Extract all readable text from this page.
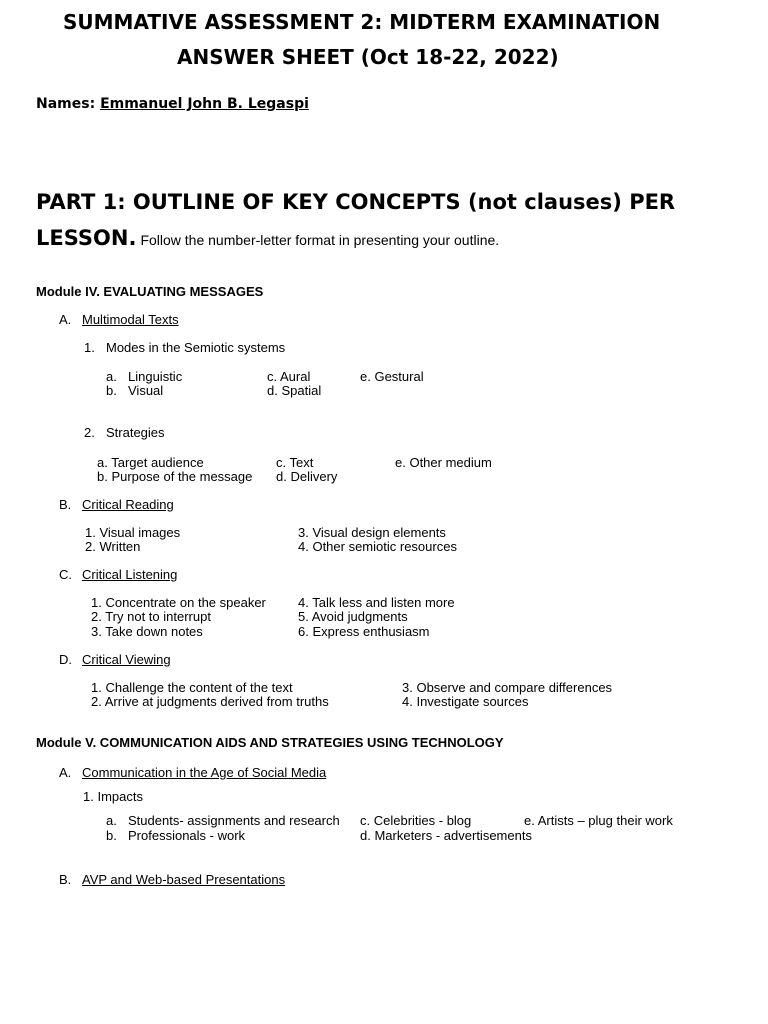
SUMMATIVE ASSESSMENT 2: MIDTERM EXAMINATION
ANSWER SHEET (Oct 18-22, 2022)
Names: Emmanuel John B. Legaspi
PART 1: OUTLINE OF KEY CONCEPTS (not clauses) PER
LESSON. Follow the number-letter format in presenting your outline.
Module IV. EVALUATING MESSAGES
A. Multimodal Texts
1. Modes in the Semiotic systems
a. Linguistic
b. Visual
c. Aural
d. Spatial
e. Gestural
2. Strategies
a. Target audience
b. Purpose of the message
c. Text
d. Delivery
e. Other medium
B. Critical Reading
1. Visual images
2. Written
3. Visual design elements
4. Other semiotic resources
C. Critical Listening
1. Concentrate on the speaker
2. Try not to interrupt
3. Take down notes
4. Talk less and listen more
5. Avoid judgments
6. Express enthusiasm
D. Critical Viewing
1. Challenge the content of the text
2. Arrive at judgments derived from truths
3. Observe and compare differences
4. Investigate sources
Module V. COMMUNICATION AIDS AND STRATEGIES USING TECHNOLOGY
A. Communication in the Age of Social Media
1. Impacts
a. Students- assignments and research
b. Professionals - work
c. Celebrities - blog
d. Marketers - advertisements
e. Artists – plug their work
B. AVP and Web-based Presentations
